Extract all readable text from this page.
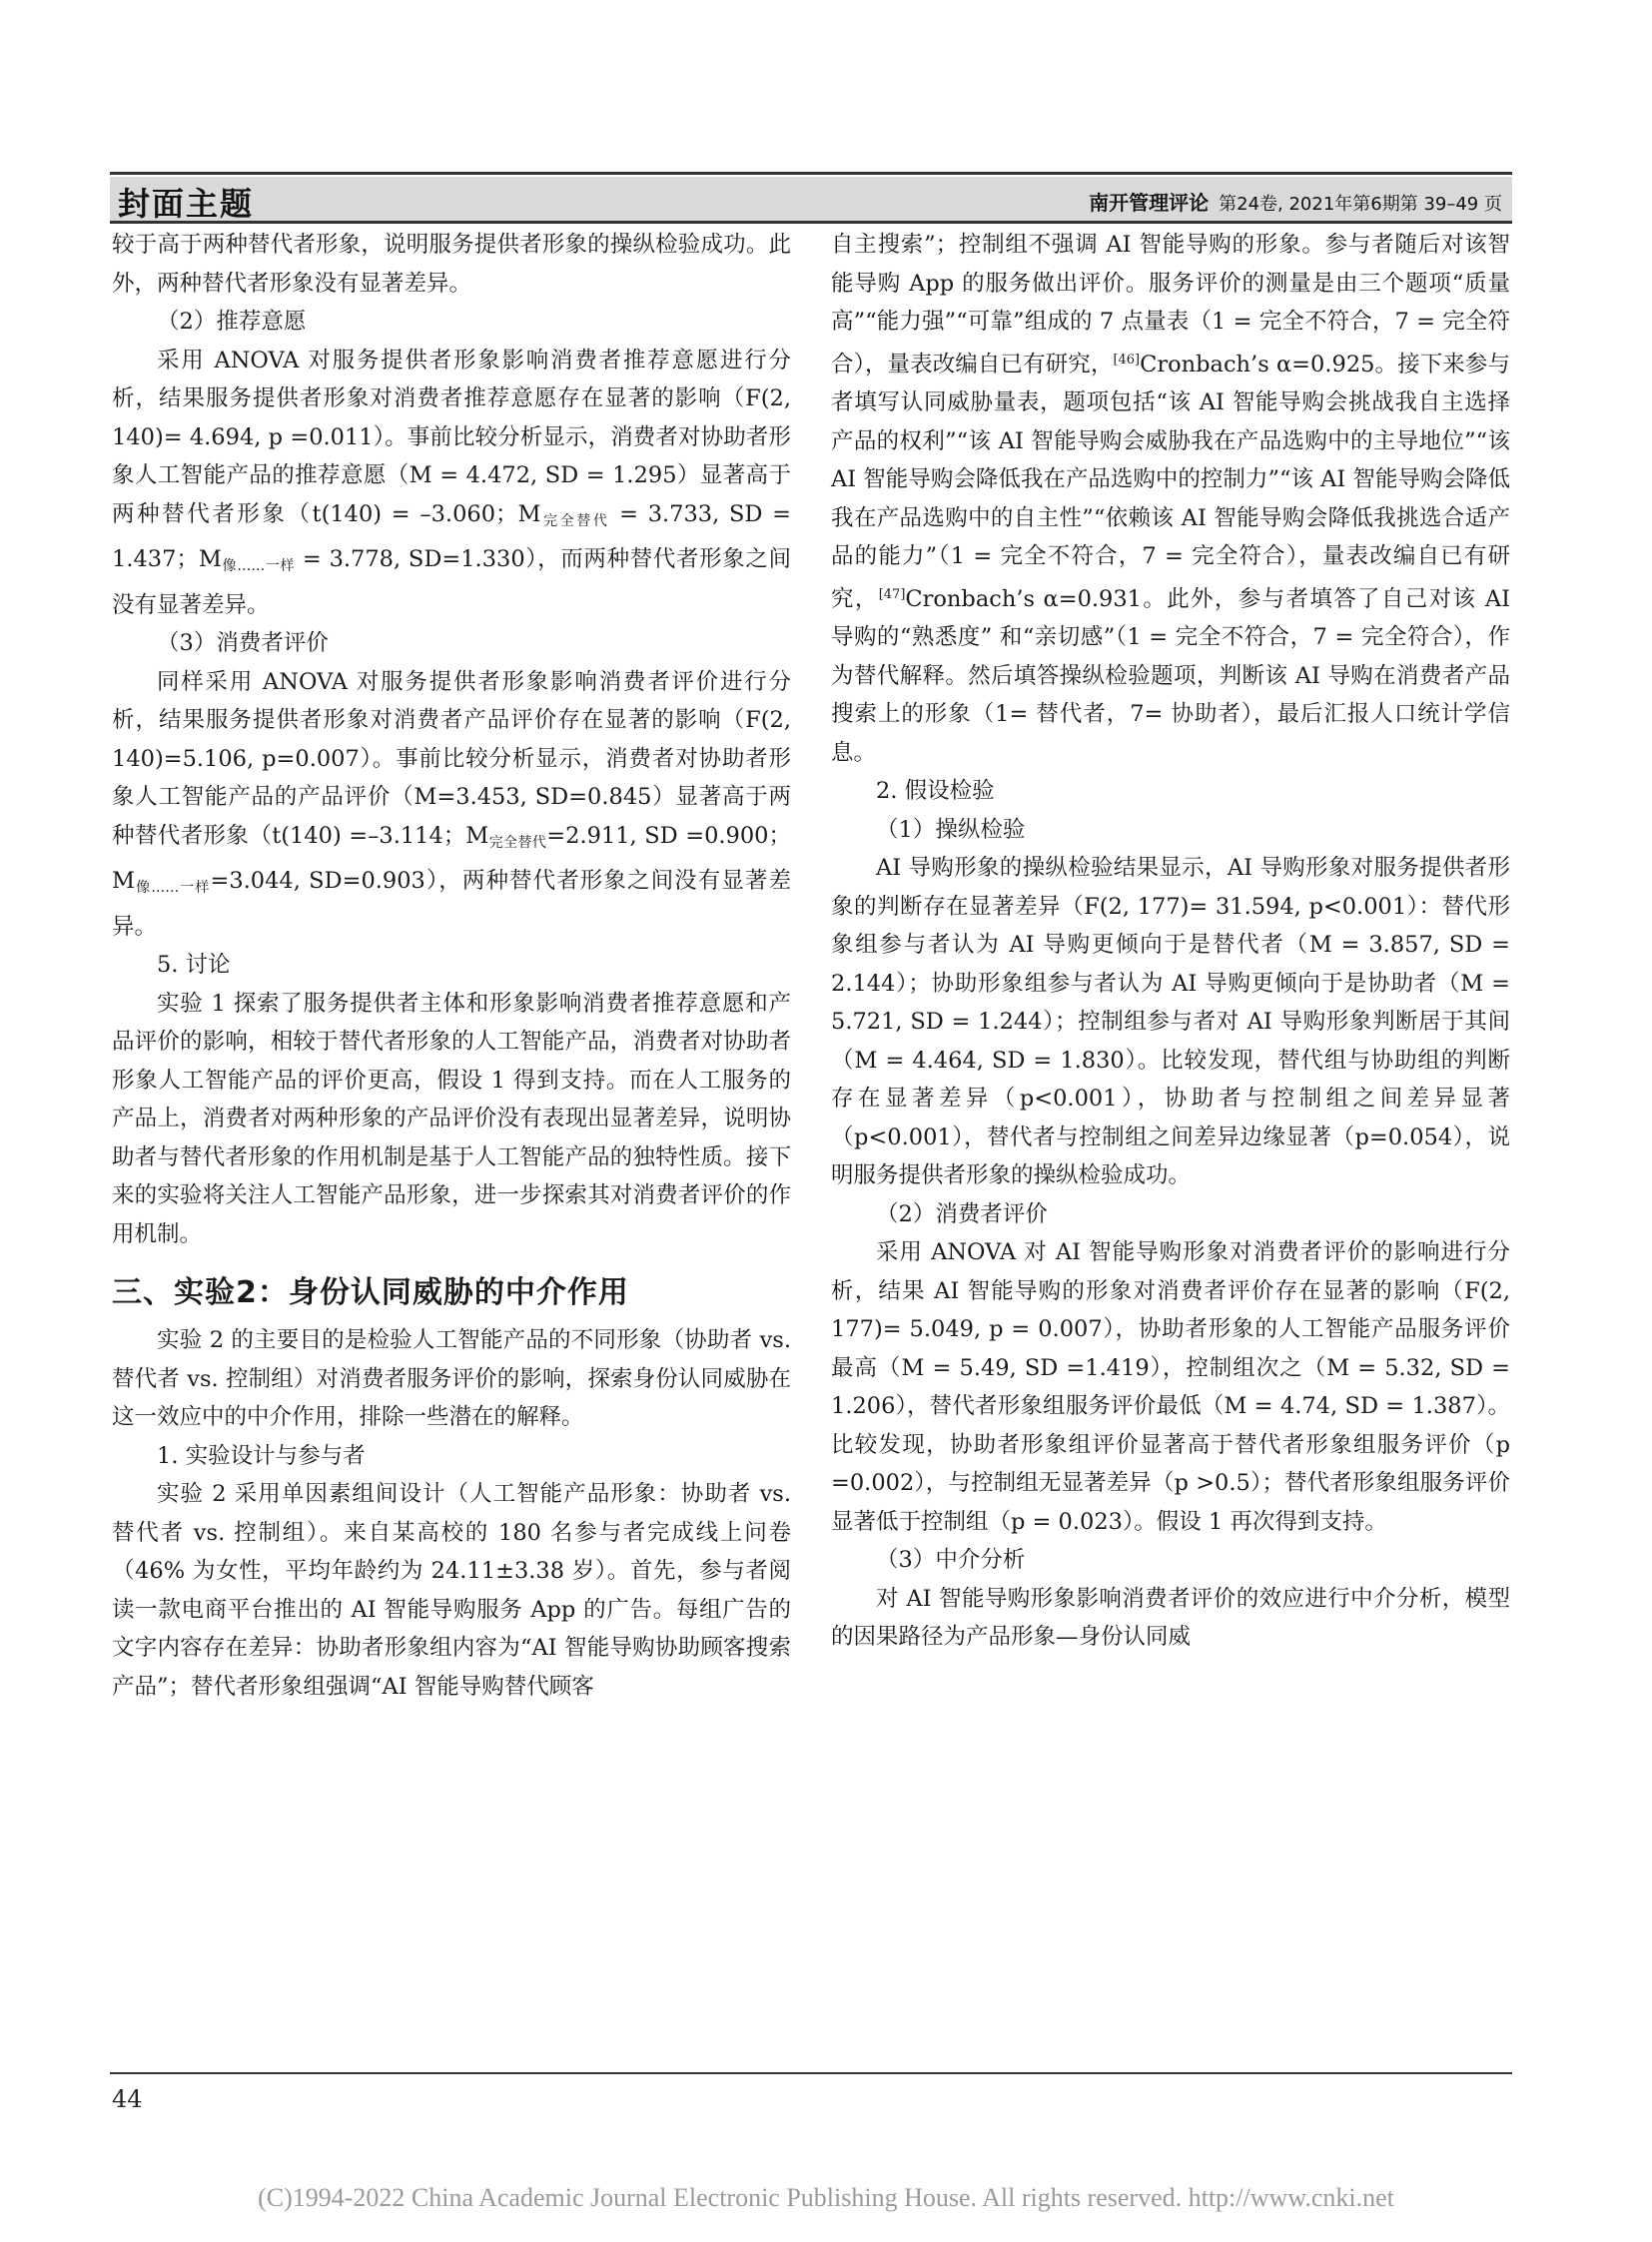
封面主题	南开管理评论 第24卷, 2021年第6期第 39–49 页

较于高于两种替代者形象，说明服务提供者形象的操纵检验成功。此外，两种替代者形象没有显著差异。

（2）推荐意愿

采用 ANOVA 对服务提供者形象影响消费者推荐意愿进行分析，结果服务提供者形象对消费者推荐意愿存在显著的影响（F(2, 140)= 4.694, p =0.011）。事前比较分析显示，消费者对协助者形象人工智能产品的推荐意愿（M = 4.472, SD = 1.295）显著高于两种替代者形象（t(140) = –3.060；$M_{完全替代} = 3.733$, SD = 1.437；$M_{像\dots\dots 一样} = 3.778$, SD=1.330），而两种替代者形象之间没有显著差异。

（3）消费者评价

同样采用 ANOVA 对服务提供者形象影响消费者评价进行分析，结果服务提供者形象对消费者产品评价存在显著的影响（F(2, 140)=5.106, p=0.007）。事前比较分析显示，消费者对协助者形象人工智能产品的产品评价（M=3.453, SD=0.845）显著高于两种替代者形象（t(140) =–3.114；$M_{完全替代}=2.911$, SD =0.900；$M_{像\dots\dots 一样}=3.044$, SD=0.903），两种替代者形象之间没有显著差异。

5. 讨论

实验 1 探索了服务提供者主体和形象影响消费者推荐意愿和产品评价的影响，相较于替代者形象的人工智能产品，消费者对协助者形象人工智能产品的评价更高，假设 1 得到支持。而在人工服务的产品上，消费者对两种形象的产品评价没有表现出显著差异，说明协助者与替代者形象的作用机制是基于人工智能产品的独特性质。接下来的实验将关注人工智能产品形象，进一步探索其对消费者评价的作用机制。

三、实验2：身份认同威胁的中介作用

实验 2 的主要目的是检验人工智能产品的不同形象（协助者 vs. 替代者 vs. 控制组）对消费者服务评价的影响，探索身份认同威胁在这一效应中的中介作用，排除一些潜在的解释。

1. 实验设计与参与者

实验 2 采用单因素组间设计（人工智能产品形象：协助者 vs. 替代者 vs. 控制组）。来自某高校的 180 名参与者完成线上问卷（46% 为女性，平均年龄约为 24.11±3.38 岁）。首先，参与者阅读一款电商平台推出的 AI 智能导购服务 App 的广告。每组广告的文字内容存在差异：协助者形象组内容为“AI 智能导购协助顾客搜索产品”；替代者形象组强调“AI 智能导购替代顾客

自主搜索”；控制组不强调 AI 智能导购的形象。参与者随后对该智能导购 App 的服务做出评价。服务评价的测量是由三个题项“质量高”“能力强”“可靠”组成的 7 点量表（1 = 完全不符合，7 = 完全符合），量表改编自已有研究，[46]Cronbach’s α=0.925。接下来参与者填写认同威胁量表，题项包括“该 AI 智能导购会挑战我自主选择产品的权利”“该 AI 智能导购会威胁我在产品选购中的主导地位”“该 AI 智能导购会降低我在产品选购中的控制力”“该 AI 智能导购会降低我在产品选购中的自主性”“依赖该 AI 智能导购会降低我挑选合适产品的能力”（1 = 完全不符合，7 = 完全符合），量表改编自已有研究，[47]Cronbach’s α=0.931。此外，参与者填答了自己对该 AI 导购的“熟悉度” 和“亲切感”（1 = 完全不符合，7 = 完全符合），作为替代解释。然后填答操纵检验题项，判断该 AI 导购在消费者产品搜索上的形象（1= 替代者，7= 协助者），最后汇报人口统计学信息。

2. 假设检验

（1）操纵检验

AI 导购形象的操纵检验结果显示，AI 导购形象对服务提供者形象的判断存在显著差异（F(2, 177)= 31.594, p<0.001）：替代形象组参与者认为 AI 导购更倾向于是替代者（M = 3.857, SD = 2.144）；协助形象组参与者认为 AI 导购更倾向于是协助者（M = 5.721, SD = 1.244）；控制组参与者对 AI 导购形象判断居于其间（M = 4.464, SD = 1.830）。比较发现，替代组与协助组的判断存在显著差异（p<0.001），协助者与控制组之间差异显著（p<0.001），替代者与控制组之间差异边缘显著（p=0.054），说明服务提供者形象的操纵检验成功。

（2）消费者评价

采用 ANOVA 对 AI 智能导购形象对消费者评价的影响进行分析，结果 AI 智能导购的形象对消费者评价存在显著的影响（F(2, 177)= 5.049, p = 0.007），协助者形象的人工智能产品服务评价最高（M = 5.49, SD =1.419），控制组次之（M = 5.32, SD = 1.206），替代者形象组服务评价最低（M = 4.74, SD = 1.387）。比较发现，协助者形象组评价显著高于替代者形象组服务评价（p =0.002），与控制组无显著差异（p >0.5）；替代者形象组服务评价显著低于控制组（p = 0.023）。假设 1 再次得到支持。

（3）中介分析

对 AI 智能导购形象影响消费者评价的效应进行中介分析，模型的因果路径为产品形象—身份认同威

44
(C)1994-2022 China Academic Journal Electronic Publishing House. All rights reserved. http://www.cnki.net
